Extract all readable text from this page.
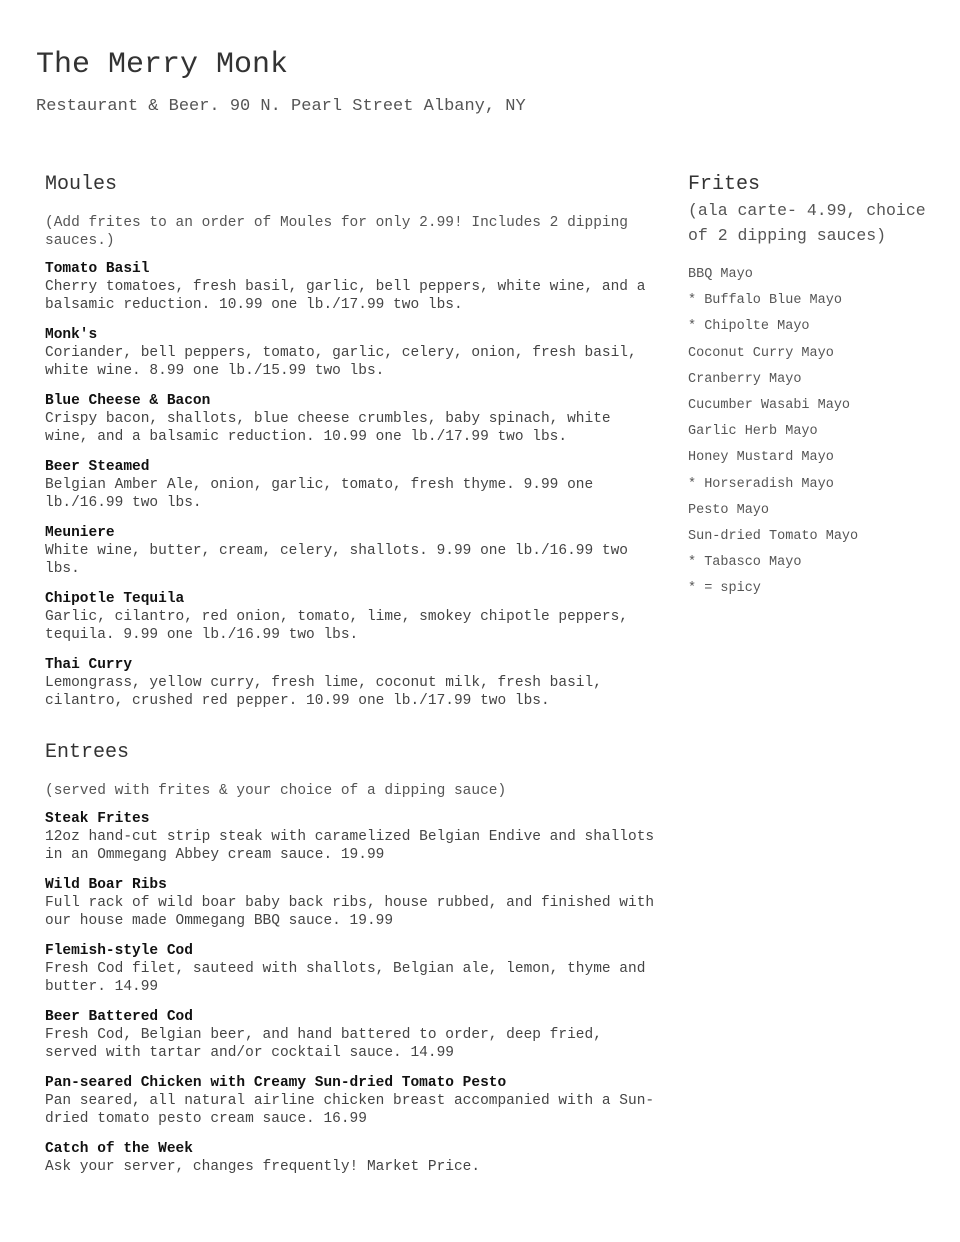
The Merry Monk
Restaurant & Beer. 90 N. Pearl Street Albany, NY
Moules
(Add frites to an order of Moules for only 2.99! Includes 2 dipping sauces.)
Tomato Basil
Cherry tomatoes, fresh basil, garlic, bell peppers, white wine, and a balsamic reduction. 10.99 one lb./17.99 two lbs.
Monk's
Coriander, bell peppers, tomato, garlic, celery, onion, fresh basil, white wine. 8.99 one lb./15.99 two lbs.
Blue Cheese & Bacon
Crispy bacon, shallots, blue cheese crumbles, baby spinach, white wine, and a balsamic reduction. 10.99 one lb./17.99 two lbs.
Beer Steamed
Belgian Amber Ale, onion, garlic, tomato, fresh thyme. 9.99 one lb./16.99 two lbs.
Meuniere
White wine, butter, cream, celery, shallots. 9.99 one lb./16.99 two lbs.
Chipotle Tequila
Garlic, cilantro, red onion, tomato, lime, smokey chipotle peppers, tequila. 9.99 one lb./16.99 two lbs.
Thai Curry
Lemongrass, yellow curry, fresh lime, coconut milk, fresh basil, cilantro, crushed red pepper. 10.99 one lb./17.99 two lbs.
Entrees
(served with frites & your choice of a dipping sauce)
Steak Frites
12oz hand-cut strip steak with caramelized Belgian Endive and shallots in an Ommegang Abbey cream sauce. 19.99
Wild Boar Ribs
Full rack of wild boar baby back ribs, house rubbed, and finished with our house made Ommegang BBQ sauce. 19.99
Flemish-style Cod
Fresh Cod filet, sauteed with shallots, Belgian ale, lemon, thyme and butter. 14.99
Beer Battered Cod
Fresh Cod, Belgian beer, and hand battered to order, deep fried, served with tartar and/or cocktail sauce. 14.99
Pan-seared Chicken with Creamy Sun-dried Tomato Pesto
Pan seared, all natural airline chicken breast accompanied with a Sun-dried tomato pesto cream sauce. 16.99
Catch of the Week
Ask your server, changes frequently! Market Price.
Frites
(ala carte- 4.99, choice of 2 dipping sauces)
BBQ Mayo
* Buffalo Blue Mayo
* Chipolte Mayo
Coconut Curry Mayo
Cranberry Mayo
Cucumber Wasabi Mayo
Garlic Herb Mayo
Honey Mustard Mayo
* Horseradish Mayo
Pesto Mayo
Sun-dried Tomato Mayo
* Tabasco Mayo
* = spicy
